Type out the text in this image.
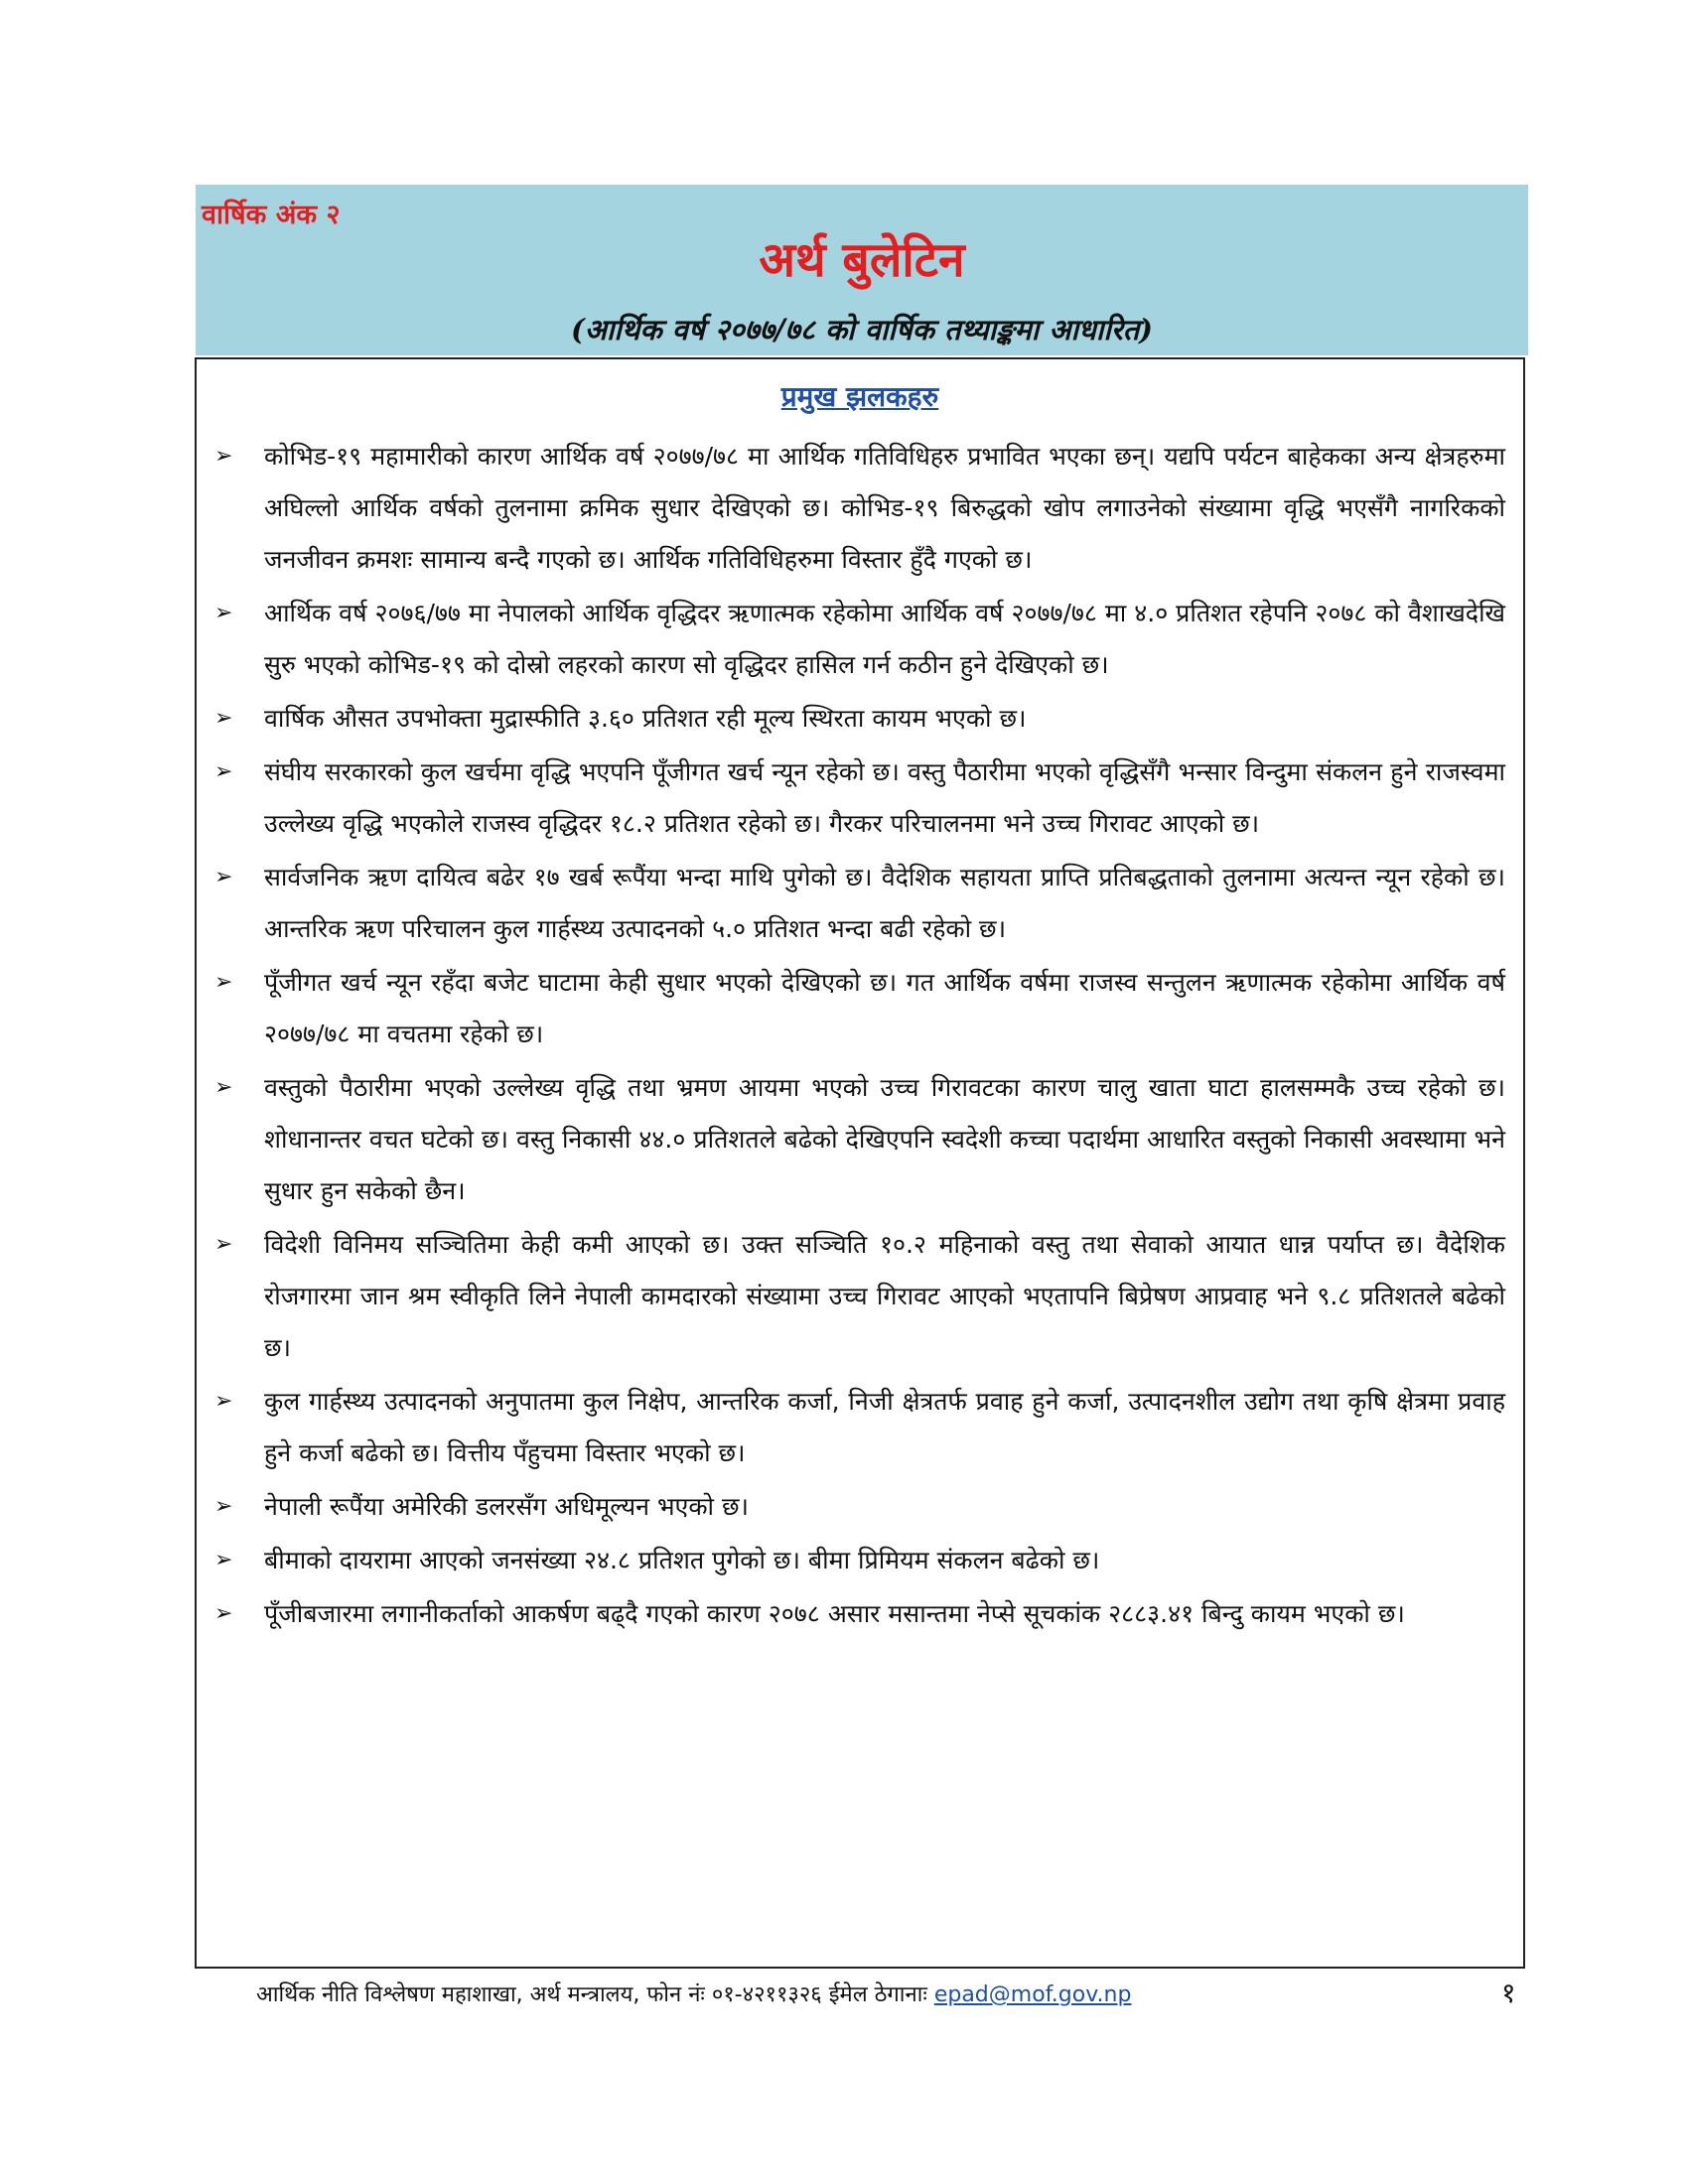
वार्षिक अंक २
अर्थ बुलेटिन
(आर्थिक वर्ष २०७७/७८ को वार्षिक तथ्याङ्कमा आधारित)
प्रमुख झलकहरु
➢	कोभिड-१९ महामारीको कारण आर्थिक वर्ष २०७७/७८ मा आर्थिक गतिविधिहरु प्रभावित भएका छन्। यद्यपि पर्यटन बाहेकका अन्य क्षेत्रहरुमा अघिल्लो आर्थिक वर्षको तुलनामा क्रमिक सुधार देखिएको छ। कोभिड-१९ बिरुद्धको खोप लगाउनेको संख्यामा वृद्धि भएसँगै नागरिकको जनजीवन क्रमशः सामान्य बन्दै गएको छ। आर्थिक गतिविधिहरुमा विस्तार हुँदै गएको छ।
➢	आर्थिक वर्ष २०७६/७७ मा नेपालको आर्थिक वृद्धिदर ऋणात्मक रहेकोमा आर्थिक वर्ष २०७७/७८ मा ४.० प्रतिशत रहेपनि २०७८ को वैशाखदेखि सुरु भएको कोभिड-१९ को दोस्रो लहरको कारण सो वृद्धिदर हासिल गर्न कठीन हुने देखिएको छ।
➢	वार्षिक औसत उपभोक्ता मुद्रास्फीति ३.६० प्रतिशत रही मूल्य स्थिरता कायम भएको छ।
➢	संघीय सरकारको कुल खर्चमा वृद्धि भएपनि पूँजीगत खर्च न्यून रहेको छ। वस्तु पैठारीमा भएको वृद्धिसँगै भन्सार विन्दुमा संकलन हुने राजस्वमा उल्लेख्य वृद्धि भएकोले राजस्व वृद्धिदर १८.२ प्रतिशत रहेको छ। गैरकर परिचालनमा भने उच्च गिरावट आएको छ।
➢	सार्वजनिक ऋण दायित्व बढेर १७ खर्ब रूपैंया भन्दा माथि पुगेको छ। वैदेशिक सहायता प्राप्ति प्रतिबद्धताको तुलनामा अत्यन्त न्यून रहेको छ। आन्तरिक ऋण परिचालन कुल गार्हस्थ्य उत्पादनको ५.० प्रतिशत भन्दा बढी रहेको छ।
➢	पूँजीगत खर्च न्यून रहँदा बजेट घाटामा केही सुधार भएको देखिएको छ। गत आर्थिक वर्षमा राजस्व सन्तुलन ऋणात्मक रहेकोमा आर्थिक वर्ष २०७७/७८ मा वचतमा रहेको छ।
➢	वस्तुको पैठारीमा भएको उल्लेख्य वृद्धि तथा भ्रमण आयमा भएको उच्च गिरावटका कारण चालु खाता घाटा हालसम्मकै उच्च रहेको छ। शोधानान्तर वचत घटेको छ। वस्तु निकासी ४४.० प्रतिशतले बढेको देखिएपनि स्वदेशी कच्चा पदार्थमा आधारित वस्तुको निकासी अवस्थामा भने सुधार हुन सकेको छैन।
➢	विदेशी विनिमय सञ्चितिमा केही कमी आएको छ। उक्त सञ्चिति १०.२ महिनाको वस्तु तथा सेवाको आयात धान्न पर्याप्त छ। वैदेशिक रोजगारमा जान श्रम स्वीकृति लिने नेपाली कामदारको संख्यामा उच्च गिरावट आएको भएतापनि बिप्रेषण आप्रवाह भने ९.८ प्रतिशतले बढेको छ।
➢	कुल गार्हस्थ्य उत्पादनको अनुपातमा कुल निक्षेप, आन्तरिक कर्जा, निजी क्षेत्रतर्फ प्रवाह हुने कर्जा, उत्पादनशील उद्योग तथा कृषि क्षेत्रमा प्रवाह हुने कर्जा बढेको छ। वित्तीय पँहुचमा विस्तार भएको छ।
➢	नेपाली रूपैंया अमेरिकी डलरसँग अधिमूल्यन भएको छ।
➢	बीमाको दायरामा आएको जनसंख्या २४.८ प्रतिशत पुगेको छ। बीमा प्रिमियम संकलन बढेको छ।
➢	पूँजीबजारमा लगानीकर्ताको आकर्षण बढ्दै गएको कारण २०७८ असार मसान्तमा नेप्से सूचकांक २८८३.४१ बिन्दु कायम भएको छ।
आर्थिक नीति विश्लेषण महाशाखा, अर्थ मन्त्रालय, फोन नंः ०१-४२११३२६ ईमेल ठेगानाः epad@mof.gov.np	१
